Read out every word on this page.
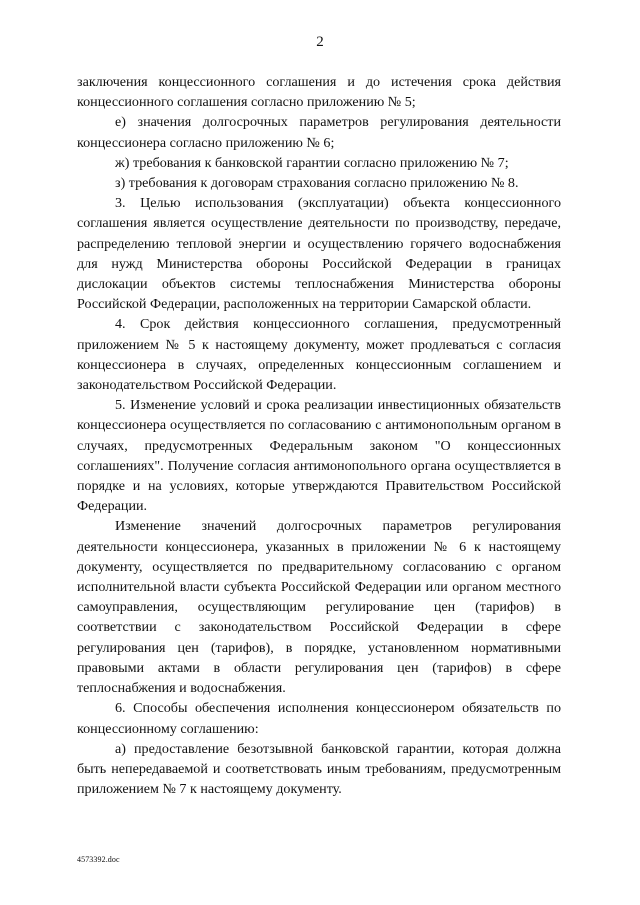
2

заключения концессионного соглашения и до истечения срока действия концессионного соглашения согласно приложению № 5;

е) значения долгосрочных параметров регулирования деятельности концессионера согласно приложению № 6;

ж) требования к банковской гарантии согласно приложению № 7;

з) требования к договорам страхования согласно приложению № 8.

3. Целью использования (эксплуатации) объекта концессионного соглашения является осуществление деятельности по производству, передаче, распределению тепловой энергии и осуществлению горячего водоснабжения для нужд Министерства обороны Российской Федерации в границах дислокации объектов системы теплоснабжения Министерства обороны Российской Федерации, расположенных на территории Самарской области.

4. Срок действия концессионного соглашения, предусмотренный приложением № 5 к настоящему документу, может продлеваться с согласия концессионера в случаях, определенных концессионным соглашением и законодательством Российской Федерации.

5. Изменение условий и срока реализации инвестиционных обязательств концессионера осуществляется по согласованию с антимонопольным органом в случаях, предусмотренных Федеральным законом "О концессионных соглашениях". Получение согласия антимонопольного органа осуществляется в порядке и на условиях, которые утверждаются Правительством Российской Федерации.

Изменение значений долгосрочных параметров регулирования деятельности концессионера, указанных в приложении № 6 к настоящему документу, осуществляется по предварительному согласованию с органом исполнительной власти субъекта Российской Федерации или органом местного самоуправления, осуществляющим регулирование цен (тарифов) в соответствии с законодательством Российской Федерации в сфере регулирования цен (тарифов), в порядке, установленном нормативными правовыми актами в области регулирования цен (тарифов) в сфере теплоснабжения и водоснабжения.

6. Способы обеспечения исполнения концессионером обязательств по концессионному соглашению:

а) предоставление безотзывной банковской гарантии, которая должна быть непередаваемой и соответствовать иным требованиям, предусмотренным приложением № 7 к настоящему документу.

4573392.doc
